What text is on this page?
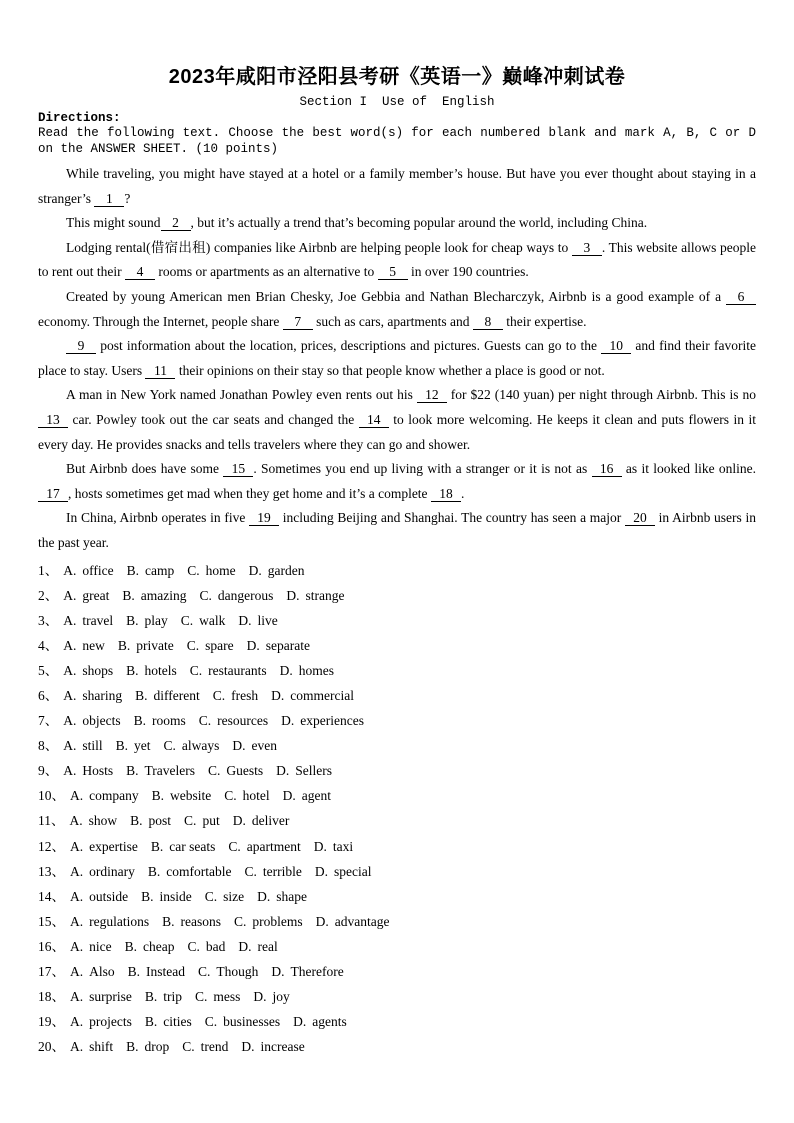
2023年咸阳市泾阳县考研《英语一》巅峰冲刺试卷
Section I  Use of  English
Directions:
Read the following text. Choose the best word(s) for each numbered blank and mark A, B, C or D on the ANSWER SHEET. (10 points)

While traveling, you might have stayed at a hotel or a family member’s house. But have you ever thought about staying in a stranger’s 1 ?

This might sound 2 , but it’s actually a trend that’s becoming popular around the world, including China.

Lodging rental(借宿出租) companies like Airbnb are helping people look for cheap ways to 3 . This website allows people to rent out their 4 rooms or apartments as an alternative to 5 in over 190 countries.

Created by young American men Brian Chesky, Joe Gebbia and Nathan Blecharczyk, Airbnb is a good example of a 6 economy. Through the Internet, people share 7 such as cars, apartments and 8 their expertise.

9 post information about the location, prices, descriptions and pictures. Guests can go to the 10 and find their favorite place to stay. Users 11 their opinions on their stay so that people know whether a place is good or not.

A man in New York named Jonathan Powley even rents out his 12 for $22 (140 yuan) per night through Airbnb. This is no 13 car. Powley took out the car seats and changed the 14 to look more welcoming. He keeps it clean and puts flowers in it every day. He provides snacks and tells travelers where they can go and shower.

But Airbnb does have some 15 . Sometimes you end up living with a stranger or it is not as 16 as it looked like online. 17 , hosts sometimes get mad when they get home and it’s a complete 18 .

In China, Airbnb operates in five 19 including Beijing and Shanghai. The country has seen a major 20 in Airbnb users in the past year.

1、 A. office B. camp C. home D. garden
2、 A. great B. amazing C. dangerous D. strange
3、 A. travel B. play C. walk D. live
4、 A. new B. private C. spare D. separate
5、 A. shops B. hotels C. restaurants D. homes
6、 A. sharing B. different C. fresh D. commercial
7、 A. objects B. rooms C. resources D. experiences
8、 A. still B. yet C. always D. even
9、 A. Hosts B. Travelers C. Guests D. Sellers
10、 A. company B. website C. hotel D. agent
11、 A. show B. post C. put D. deliver
12、 A. expertise B. car seats C. apartment D. taxi
13、 A. ordinary B. comfortable C. terrible D. special
14、 A. outside B. inside C. size D. shape
15、 A. regulations B. reasons C. problems D. advantage
16、 A. nice B. cheap C. bad D. real
17、 A. Also B. Instead C. Though D. Therefore
18、 A. surprise B. trip C. mess D. joy
19、 A. projects B. cities C. businesses D. agents
20、 A. shift B. drop C. trend D. increase
